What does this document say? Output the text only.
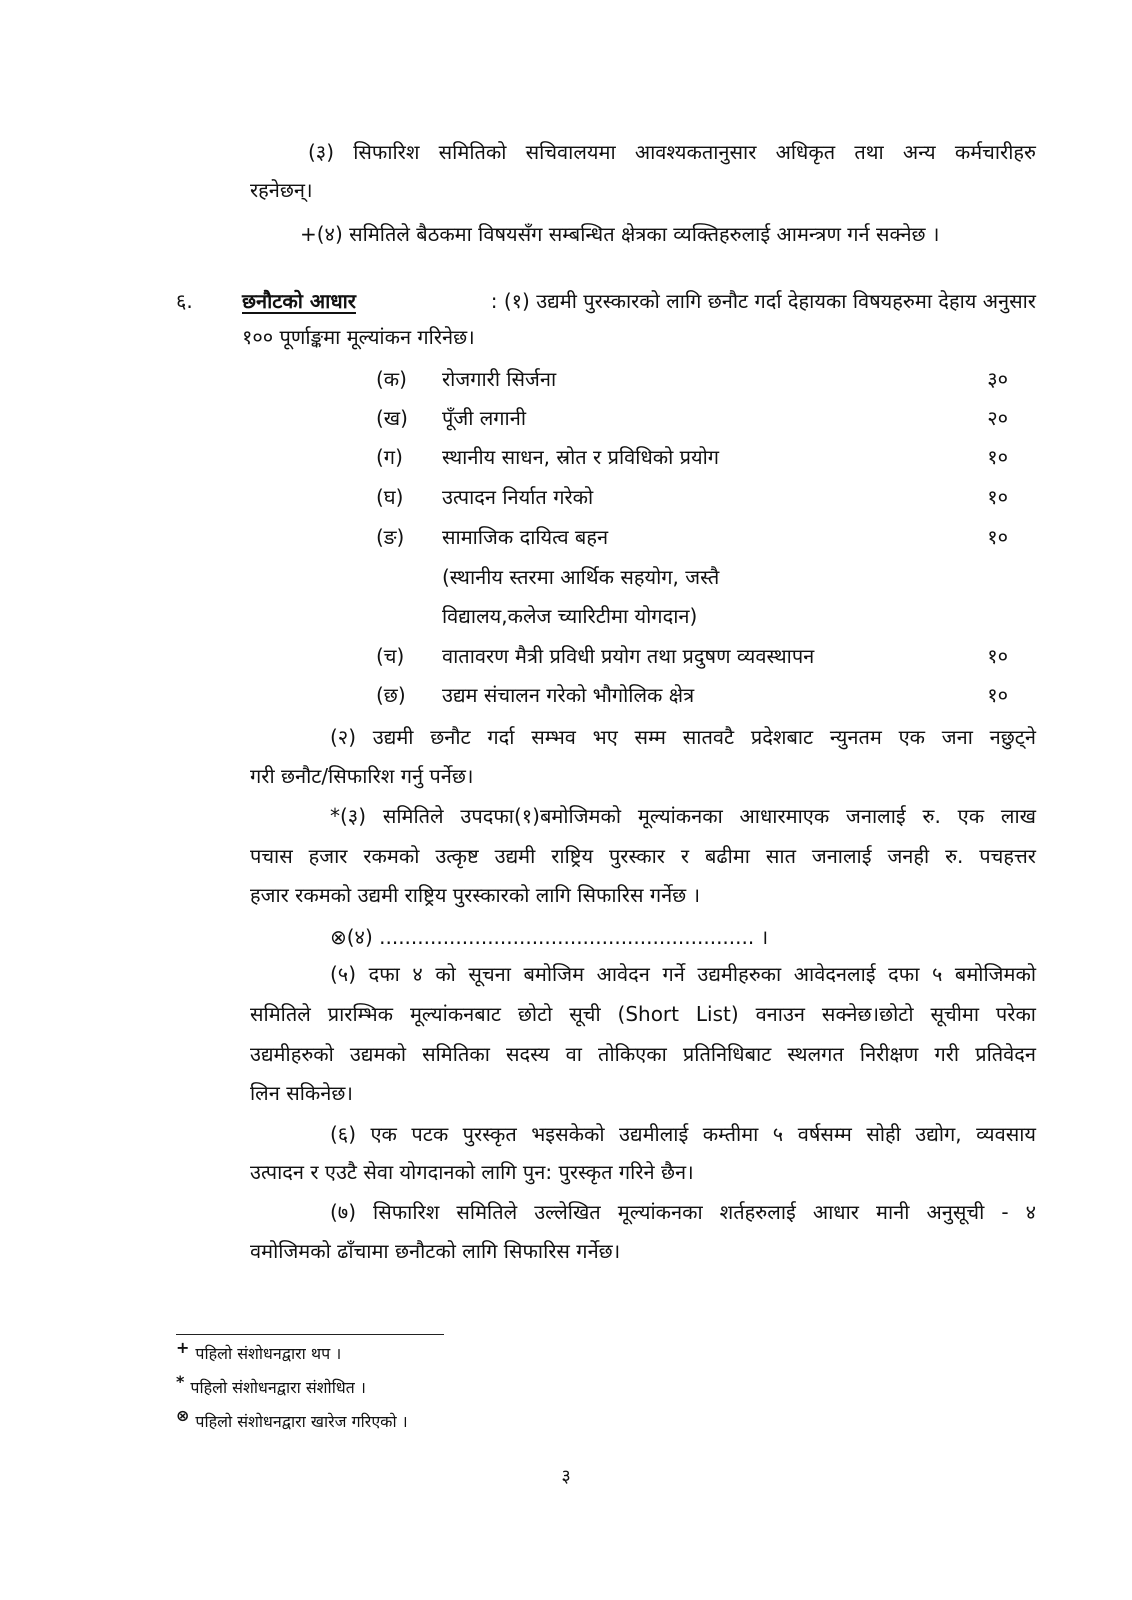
(३) सिफारिश समितिको सचिवालयमा आवश्यकतानुसार अधिकृत तथा अन्य कर्मचारीहरु
रहनेछन्।
+(४) समितिले बैठकमा विषयसँग सम्बन्धित क्षेत्रका व्यक्तिहरुलाई आमन्त्रण गर्न सक्नेछ ।
६. छनौटको आधार	: (१) उद्यमी पुरस्कारको लागि छनौट गर्दा देहायका विषयहरुमा देहाय अनुसार
१०० पूर्णाङ्कमा मूल्यांकन गरिनेछ।
(क) रोजगारी सिर्जना	३०
(ख) पूँजी लगानी	२०
(ग) स्थानीय साधन, स्रोत र प्रविधिको प्रयोग	१०
(घ) उत्पादन निर्यात गरेको	१०
(ङ) सामाजिक दायित्व बहन	१०
(स्थानीय स्तरमा आर्थिक सहयोग, जस्तै
विद्यालय,कलेज च्यारिटीमा योगदान)
(च) वातावरण मैत्री प्रविधी प्रयोग तथा प्रदुषण व्यवस्थापन	१०
(छ) उद्यम संचालन गरेको भौगोलिक क्षेत्र	१०
(२) उद्यमी छनौट गर्दा सम्भव भए सम्म सातवटै प्रदेशबाट न्युनतम एक जना नछुट्ने
गरी छनौट/सिफारिश गर्नु पर्नेछ।
*(३) समितिले उपदफा(१)बमोजिमको मूल्यांकनका आधारमाएक जनालाई रु. एक लाख
पचास हजार रकमको उत्कृष्ट उद्यमी राष्ट्रिय पुरस्कार र बढीमा सात जनालाई जनही रु. पचहत्तर
हजार रकमको उद्यमी राष्ट्रिय पुरस्कारको लागि सिफारिस गर्नेछ ।
⊗(४) ........................................................... ।
(५) दफा ४ को सूचना बमोजिम आवेदन गर्ने उद्यमीहरुका आवेदनलाई दफा ५ बमोजिमको
समितिले प्रारम्भिक मूल्यांकनबाट छोटो सूची (Short List) वनाउन सक्नेछ।छोटो सूचीमा परेका
उद्यमीहरुको उद्यमको समितिका सदस्य वा तोकिएका प्रतिनिधिबाट स्थलगत निरीक्षण गरी प्रतिवेदन
लिन सकिनेछ।
(६) एक पटक पुरस्कृत भइसकेको उद्यमीलाई कम्तीमा ५ वर्षसम्म सोही उद्योग, व्यवसाय
उत्पादन र एउटै सेवा योगदानको लागि पुन: पुरस्कृत गरिने छैन।
(७) सिफारिश समितिले उल्लेखित मूल्यांकनका शर्तहरुलाई आधार मानी अनुसूची - ४
वमोजिमको ढाँचामा छनौटको लागि सिफारिस गर्नेछ।
+ पहिलो संशोधनद्वारा थप ।
* पहिलो संशोधनद्वारा संशोधित ।
⊗ पहिलो संशोधनद्वारा खारेज गरिएको ।
३
